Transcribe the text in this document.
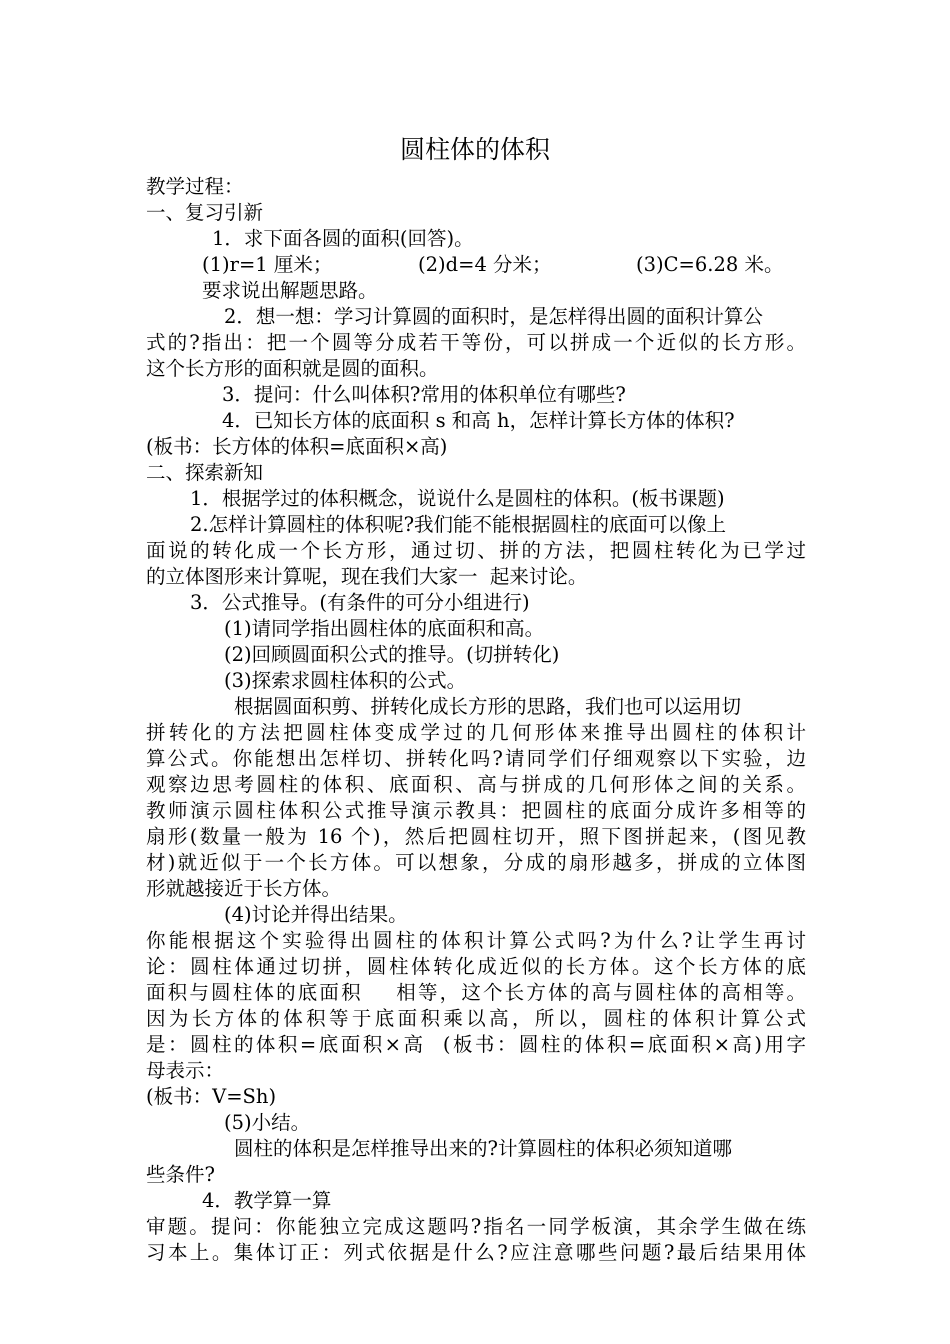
圆柱体的体积
教学过程：
一、复习引新
1．求下面各圆的面积(回答)。
(1)r=1 厘米；	(2)d=4 分米；	(3)C=6.28 米。
要求说出解题思路。
2．想一想：学习计算圆的面积时，是怎样得出圆的面积计算公
式的?指出：把一个圆等分成若干等份，可以拼成一个近似的长方形。
这个长方形的面积就是圆的面积。
3．提问：什么叫体积?常用的体积单位有哪些?
4．已知长方体的底面积 s 和高 h，怎样计算长方体的体积?
(板书：长方体的体积=底面积×高)
二、探索新知
1．根据学过的体积概念，说说什么是圆柱的体积。(板书课题)
2.怎样计算圆柱的体积呢?我们能不能根据圆柱的底面可以像上
面说的转化成一个长方形，通过切、拼的方法，把圆柱转化为已学过
的立体图形来计算呢，现在我们大家一  起来讨论。
3．公式推导。(有条件的可分小组进行)
(1)请同学指出圆柱体的底面积和高。
(2)回顾圆面积公式的推导。(切拼转化)
(3)探索求圆柱体积的公式。
根据圆面积剪、拼转化成长方形的思路，我们也可以运用切
拼转化的方法把圆柱体变成学过的几何形体来推导出圆柱的体积计
算公式。你能想出怎样切、拼转化吗?请同学们仔细观察以下实验，边
观察边思考圆柱的体积、底面积、高与拼成的几何形体之间的关系。
教师演示圆柱体积公式推导演示教具：把圆柱的底面分成许多相等的
扇形(数量一般为 16 个)，然后把圆柱切开，照下图拼起来，(图见教
材)就近似于一个长方体。可以想象，分成的扇形越多，拼成的立体图
形就越接近于长方体。
(4)讨论并得出结果。
你能根据这个实验得出圆柱的体积计算公式吗?为什么?让学生再讨
论：圆柱体通过切拼，圆柱体转化成近似的长方体。这个长方体的底
面积与圆柱体的底面积    相等，这个长方体的高与圆柱体的高相等。
因为长方体的体积等于底面积乘以高，所以，圆柱的体积计算公式
是：圆柱的体积=底面积×高  (板书：圆柱的体积=底面积×高)用字
母表示：
(板书：V=Sh)
(5)小结。
圆柱的体积是怎样推导出来的?计算圆柱的体积必须知道哪
些条件?
4．教学算一算
审题。提问：你能独立完成这题吗?指名一同学板演，其余学生做在练
习本上。集体订正：列式依据是什么?应注意哪些问题?最后结果用体
